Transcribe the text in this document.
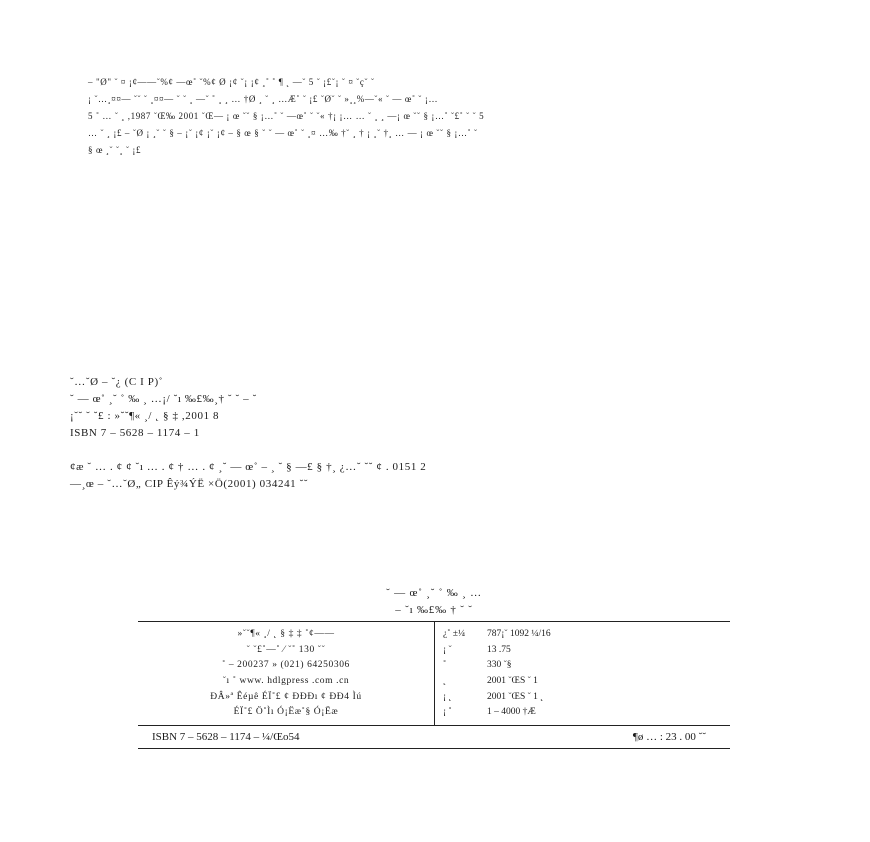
– "Ø" ˘ ¤ ¡¢——˘%¢ —œ˚ ˘%¢ Ø ¡¢ ˘¡ ¡¢ ¸˚ ˚ ¶ ˛ —˘ 5 ˘ ¡£˘¡ ˘ ¤ ˘ç˘ ˘
¡ ˘…¸¤¤— ˘˘ ˘ ¸¤¤— ˘ ˘ ¸ —˘ ˚ ¸ ¸ … †Ø ¸ ˘ ¸ …Æ˚ ˘ ¡£ ˘Ø˘ ˘ »¸¸%—˘« ˘ — œ˚ ˘ ¡…
5 ˚ … ˘ ¸ ,1987 ˘Œ‰ 2001 ˘Œ— ¡ œ ˘˘ § ¡…˚ ˘ —œ˚ ˘ ˘« †¡ ¡… … ˘ ¸ ¸ —¡ œ ˘˘ § ¡…˚ ˘£˚ ˘ ˘ 5
… ˘ ¸ ¡£ – ˘Ø ¡ ¸˘ ˘ § – ¡˘ ¡¢ ¡˘ ¡¢ – § œ § ˘ ˘ — œ˚ ˘ ¸¤ …‰ †˘ ¸ † ¡ ¸˘ †¸ … — ¡ œ ˘˘ § ¡…˚ ˘
§ œ ¸˘ ˘¸ ˘ ¡£
˘…˘Ø – ˘¿ (C I P)˚
˘ — œ˚ ¸˘ ˚ ‰ ¸ …¡/ ˘ı ‰£‰¸† ˘ ˘ – ˘
¡˘˘ ˘ ˘£ : »˘˘¶« ¸/ ˛ § ‡ ,2001 8
ISBN 7 – 5628 – 1174 – 1
¢æ ˘ … . ¢ ¢ ˘ı … . ¢ † … . ¢ ¸˘ — œ˚ – ¸ ˘ § —£ § †¸ ¿…˘ ˘˘ ¢ . 0151 2
—¸œ – ˘…˘Ø„ CIP Êý¾ÝË ×Ö(2001) 034241 ˘˘
˘ — œ˚ ¸˘ ˚ ‰ ¸ …
– ˘ı ‰£‰ † ˘ ˘
»˘˘¶« ¸/ ˛ § ‡ ‡ ˚¢——
˘ ˘£˚—˚ ⁄ ˘˚ 130 ˘˘
˚ – 200237 » (021) 64250306
˘ı ˚ www. hdlgpress .com .cn
ÐÂ»ª Êéµê ÉÏ˚£ ¢ ÐÐÐı ¢ ÐÐ4 Ìú
ÉÏ˚£ Ö˚Ìı Ó¡Ëæ˚§ Ó¡Ëæ
¿˚ ±¼	787¡˘ 1092 ¼/16
¡ ˘	13 .75
˚	330 ˘§
˛	2001 ˘ŒS ˘ 1
¡ ˛	2001 ˘ŒS ˘ 1 ˛
¡ ˚	1 – 4000 †Æ
ISBN 7 – 5628 – 1174 – ¼/Œo54	¶ø … : 23 . 00 ˘˘
